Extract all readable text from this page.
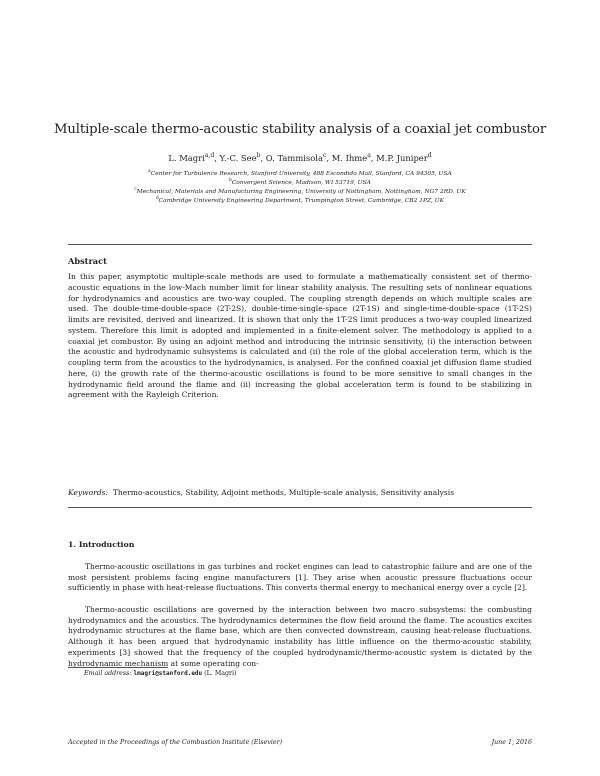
Multiple-scale thermo-acoustic stability analysis of a coaxial jet combustor
L. Magri$^{a,d}$, Y.-C. See$^b$, O. Tammisola$^c$, M. Ihme$^a$, M.P. Juniper$^d$
$^a$Center for Turbulence Research, Stanford University, 488 Escondido Mall, Stanford, CA 94305, USA
$^b$Convergent Science, Madison, WI 53719, USA
$^c$Mechanical, Materials and Manufacturing Engineering, University of Nottingham, Nottingham, NG7 2RD, UK
$^d$Cambridge University Engineering Department, Trumpington Street, Cambridge, CB2 1PZ, UK
Abstract
In this paper, asymptotic multiple-scale methods are used to formulate a mathematically consistent set of thermo-acoustic equations in the low-Mach number limit for linear stability analysis. The resulting sets of nonlinear equations for hydrodynamics and acoustics are two-way coupled. The coupling strength depends on which multiple scales are used. The double-time-double-space (2T-2S), double-time-single-space (2T-1S) and single-time-double-space (1T-2S) limits are revisited, derived and linearized. It is shown that only the 1T-2S limit produces a two-way coupled linearized system. Therefore this limit is adopted and implemented in a finite-element solver. The methodology is applied to a coaxial jet combustor. By using an adjoint method and introducing the intrinsic sensitivity, (i) the interaction between the acoustic and hydrodynamic subsystems is calculated and (ii) the role of the global acceleration term, which is the coupling term from the acoustics to the hydrodynamics, is analysed. For the confined coaxial jet diffusion flame studied here, (i) the growth rate of the thermo-acoustic oscillations is found to be more sensitive to small changes in the hydrodynamic field around the flame and (ii) increasing the global acceleration term is found to be stabilizing in agreement with the Rayleigh Criterion.
Keywords: Thermo-acoustics, Stability, Adjoint methods, Multiple-scale analysis, Sensitivity analysis
1. Introduction
Thermo-acoustic oscillations in gas turbines and rocket engines can lead to catastrophic failure and are one of the most persistent problems facing engine manufacturers [1]. They arise when acoustic pressure fluctuations occur sufficiently in phase with heat-release fluctuations. This converts thermal energy to mechanical energy over a cycle [2].
Thermo-acoustic oscillations are governed by the interaction between two macro subsystems: the combusting hydrodynamics and the acoustics. The hydrodynamics determines the flow field around the flame. The acoustics excites hydrodynamic structures at the flame base, which are then convected downstream, causing heat-release fluctuations. Although it has been argued that hydrodynamic instability has little influence on the thermo-acoustic stability, experiments [3] showed that the frequency of the coupled hydrodynamic/thermo-acoustic system is dictated by the hydrodynamic mechanism at some operating con-
Email address: lmagri@stanford.edu (L. Magri)
Accepted in the Proceedings of the Combustion Institute (Elsevier)	June 1, 2016
